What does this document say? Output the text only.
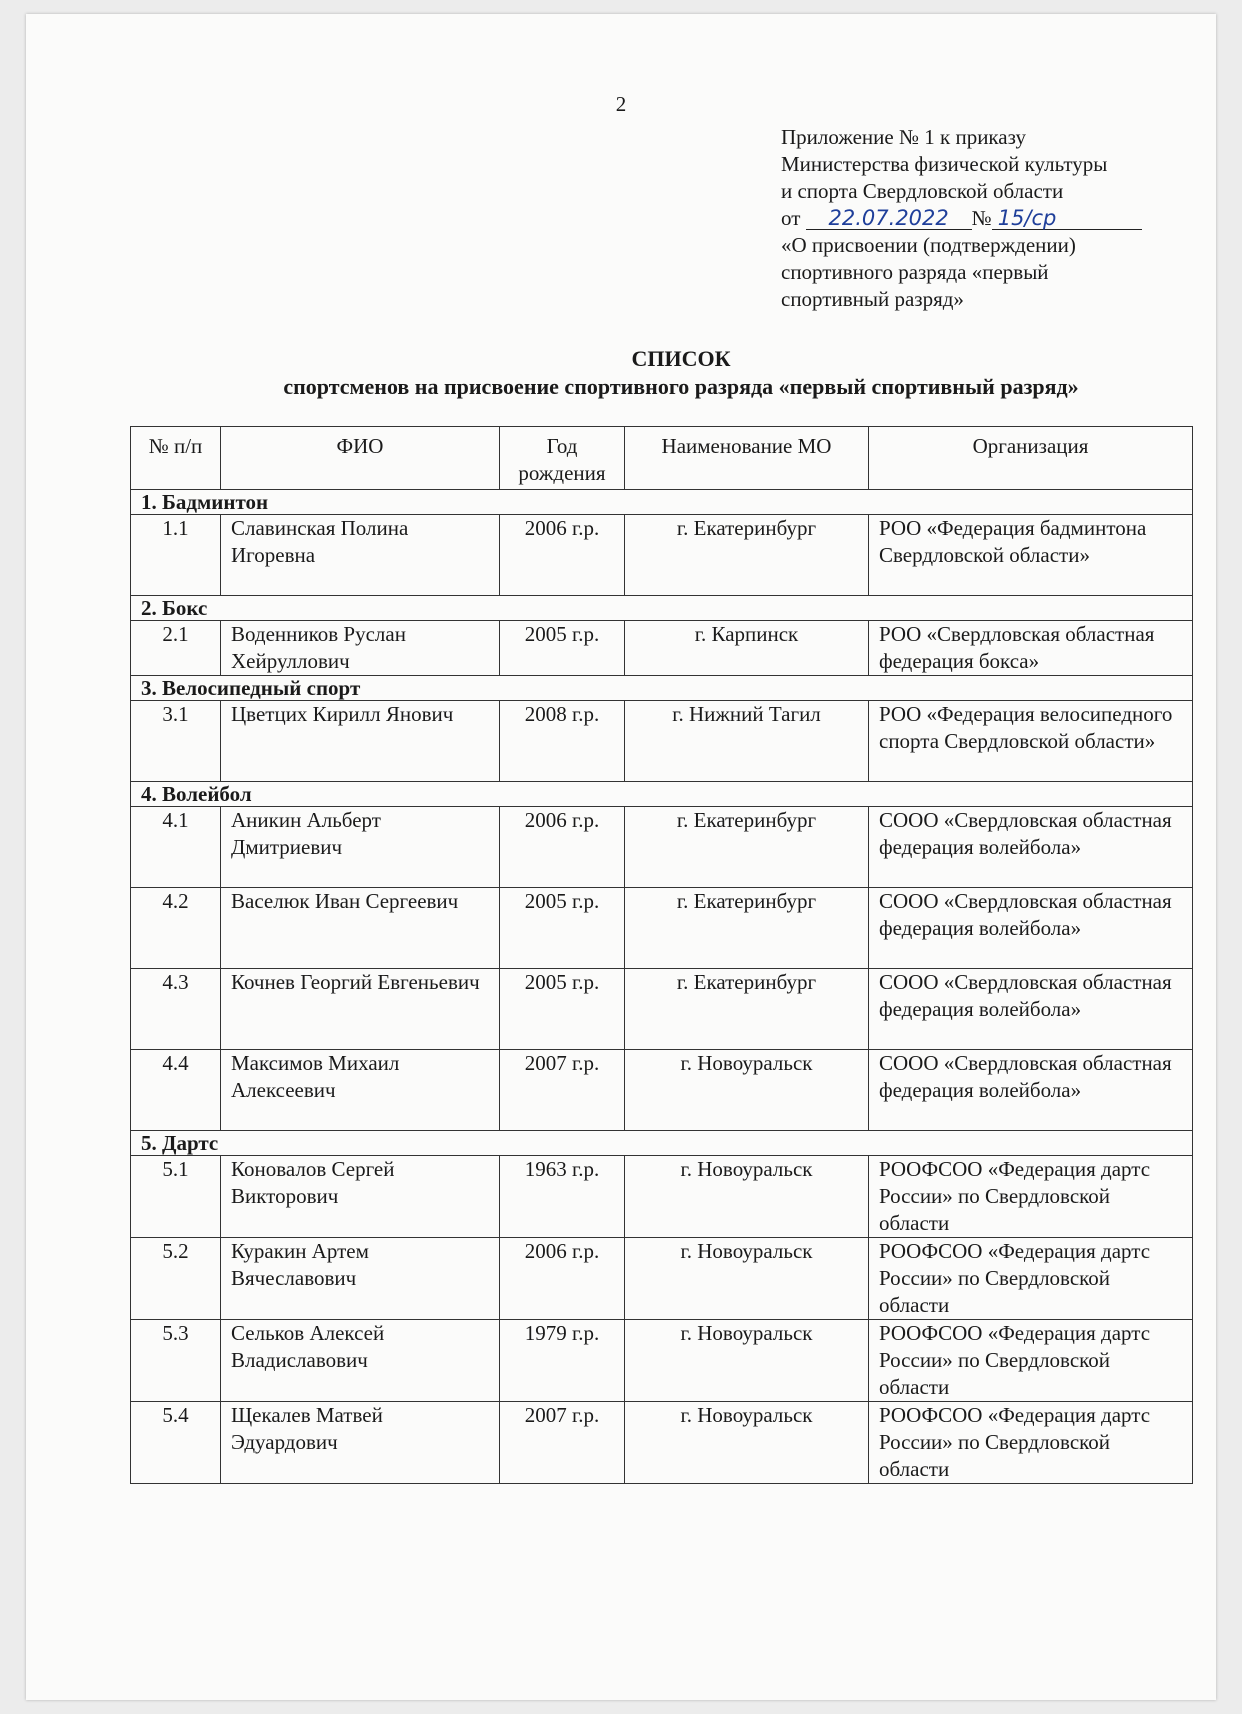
2
Приложение № 1 к приказу
Министерства физической культуры
и спорта Свердловской области
от 22.07.2022 № 15/ср
«О присвоении (подтверждении)
спортивного разряда «первый
спортивный разряд»
СПИСОК
спортсменов на присвоение спортивного разряда «первый спортивный разряд»
№ п/п	ФИО	Год рождения	Наименование МО	Организация
1. Бадминтон				
1.1	Славинская Полина Игоревна	2006 г.р.	г. Екатеринбург	РОО «Федерация бадминтона Свердловской области»
2. Бокс				
2.1	Воденников Руслан Хейруллович	2005 г.р.	г. Карпинск	РОО «Свердловская областная федерация бокса»
3. Велосипедный спорт				
3.1	Цветцих Кирилл Янович	2008 г.р.	г. Нижний Тагил	РОО «Федерация велосипедного спорта Свердловской области»
4. Волейбол				
4.1	Аникин Альберт Дмитриевич	2006 г.р.	г. Екатеринбург	СООО «Свердловская областная федерация волейбола»
4.2	Васелюк Иван Сергеевич	2005 г.р.	г. Екатеринбург	СООО «Свердловская областная федерация волейбола»
4.3	Кочнев Георгий Евгеньевич	2005 г.р.	г. Екатеринбург	СООО «Свердловская областная федерация волейбола»
4.4	Максимов Михаил Алексеевич	2007 г.р.	г. Новоуральск	СООО «Свердловская областная федерация волейбола»
5. Дартс				
5.1	Коновалов Сергей Викторович	1963 г.р.	г. Новоуральск	РООФСОО «Федерация дартс России» по Свердловской области
5.2	Куракин Артем Вячеславович	2006 г.р.	г. Новоуральск	РООФСОО «Федерация дартс России» по Свердловской области
5.3	Сельков Алексей Владиславович	1979 г.р.	г. Новоуральск	РООФСОО «Федерация дартс России» по Свердловской области
5.4	Щекалев Матвей Эдуардович	2007 г.р.	г. Новоуральск	РООФСОО «Федерация дартс России» по Свердловской области
